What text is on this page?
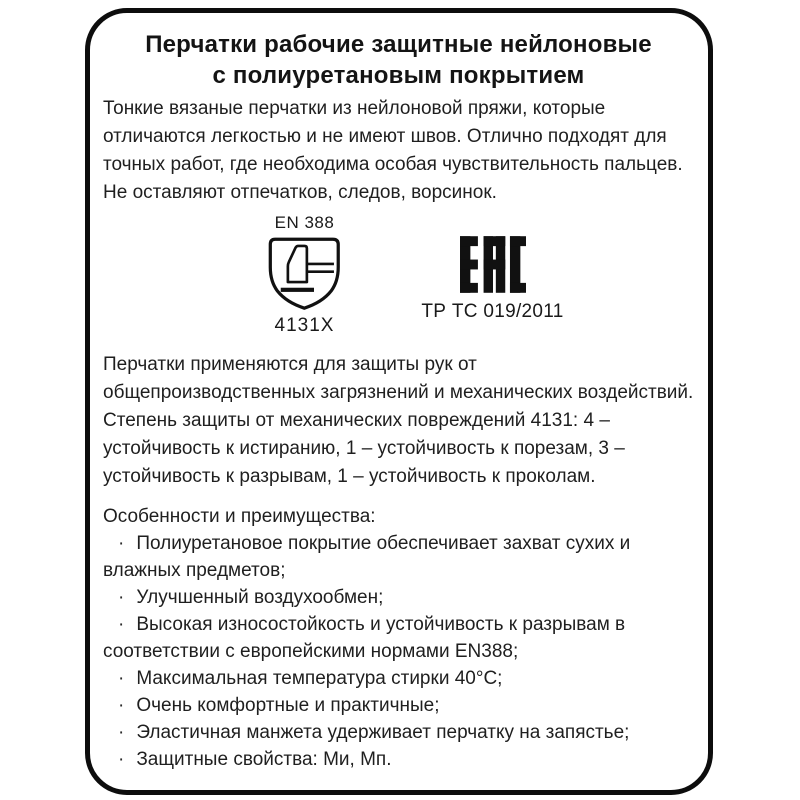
Перчатки рабочие защитные нейлоновые
с полиуретановым покрытием

Тонкие вязаные перчатки из нейлоновой пряжи, которые отличаются легкостью и не имеют швов. Отлично подходят для точных работ, где необходима особая чувствительность пальцев. Не оставляют отпечатков, следов, ворсинок.

EN 388
4131X
ТР ТС 019/2011

Перчатки применяются для защиты рук от общепроизводственных загрязнений и механических воздействий. Степень защиты от механических повреждений 4131: 4 – устойчивость к истиранию, 1 – устойчивость к порезам, 3 – устойчивость к разрывам, 1 – устойчивость к проколам.

Особенности и преимущества:

· Полиуретановое покрытие обеспечивает захват сухих и влажных предметов;

· Улучшенный воздухообмен;

· Высокая износостойкость и устойчивость к разрывам в соответствии с европейскими нормами EN388;

· Максимальная температура стирки 40°С;

· Очень комфортные и практичные;

· Эластичная манжета удерживает перчатку на запястье;

· Защитные свойства: Ми, Мп.
